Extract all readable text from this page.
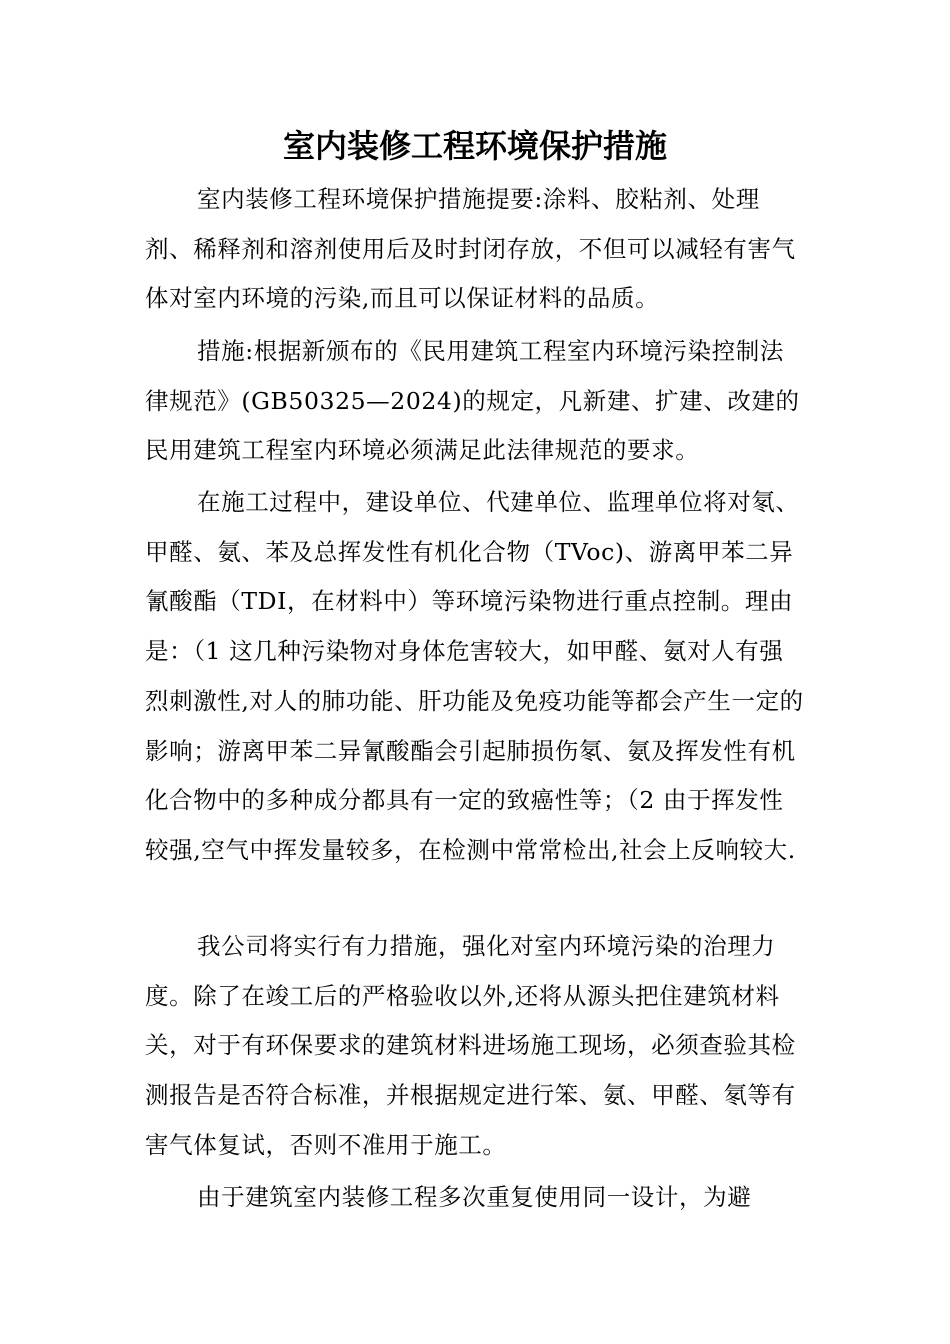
室内装修工程环境保护措施

室内装修工程环境保护措施提要:涂料、胶粘剂、处理剂、稀释剂和溶剂使用后及时封闭存放，不但可以减轻有害气体对室内环境的污染,而且可以保证材料的品质。

措施:根据新颁布的《民用建筑工程室内环境污染控制法律规范》(GB50325—2024)的规定，凡新建、扩建、改建的民用建筑工程室内环境必须满足此法律规范的要求。

在施工过程中，建设单位、代建单位、监理单位将对氡、甲醛、氨、苯及总挥发性有机化合物（TVoc)、游离甲苯二异氰酸酯（TDI，在材料中）等环境污染物进行重点控制。理由是：（1 这几种污染物对身体危害较大，如甲醛、氨对人有强烈刺激性,对人的肺功能、肝功能及免疫功能等都会产生一定的影响；游离甲苯二异氰酸酯会引起肺损伤氡、氨及挥发性有机化合物中的多种成分都具有一定的致癌性等；（2 由于挥发性较强,空气中挥发量较多，在检测中常常检出,社会上反响较大.

我公司将实行有力措施，强化对室内环境污染的治理力度。除了在竣工后的严格验收以外,还将从源头把住建筑材料关，对于有环保要求的建筑材料进场施工现场，必须查验其检测报告是否符合标准，并根据规定进行笨、氨、甲醛、氡等有害气体复试，否则不准用于施工。

由于建筑室内装修工程多次重复使用同一设计，为避
